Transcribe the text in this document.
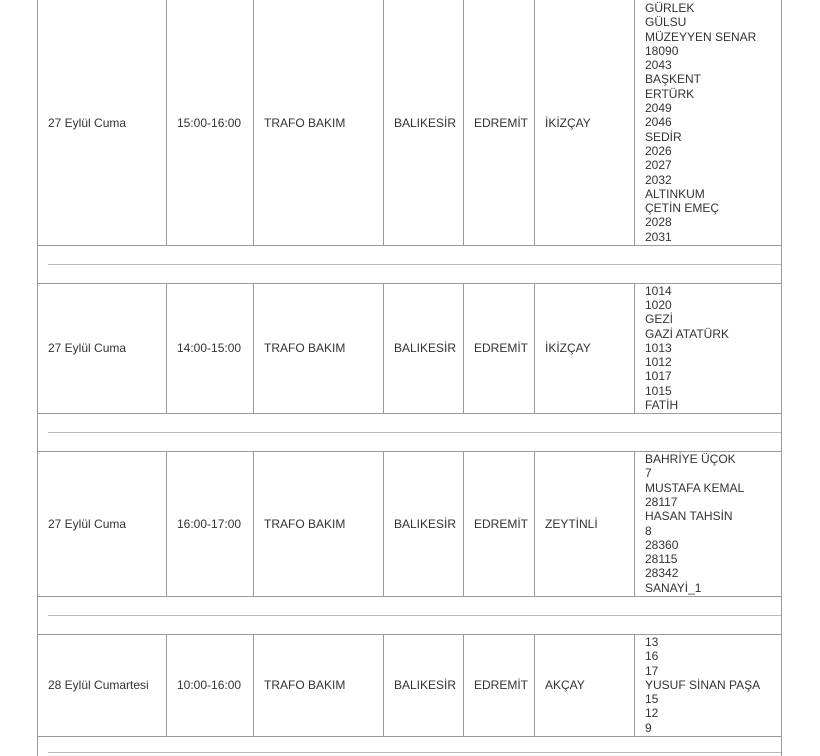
27 Eylül Cuma	15:00-16:00	TRAFO BAKIM	BALIKESİR	EDREMİT	İKİZÇAY
GÜRLEK
GÜLSU
MÜZEYYEN SENAR
18090
2043
BAŞKENT
ERTÜRK
2049
2046
SEDİR
2026
2027
2032
ALTINKUM
ÇETİN EMEÇ
2028
2031
27 Eylül Cuma	14:00-15:00	TRAFO BAKIM	BALIKESİR	EDREMİT	İKİZÇAY
1014
1020
GEZİ
GAZİ ATATÜRK
1013
1012
1017
1015
FATİH
27 Eylül Cuma	16:00-17:00	TRAFO BAKIM	BALIKESİR	EDREMİT	ZEYTİNLİ
BAHRİYE ÜÇOK
7
MUSTAFA KEMAL
28117
HASAN TAHSİN
8
28360
28115
28342
SANAYİ_1
28 Eylül Cumartesi	10:00-16:00	TRAFO BAKIM	BALIKESİR	EDREMİT	AKÇAY
13
16
17
YUSUF SİNAN PAŞA
15
12
9
